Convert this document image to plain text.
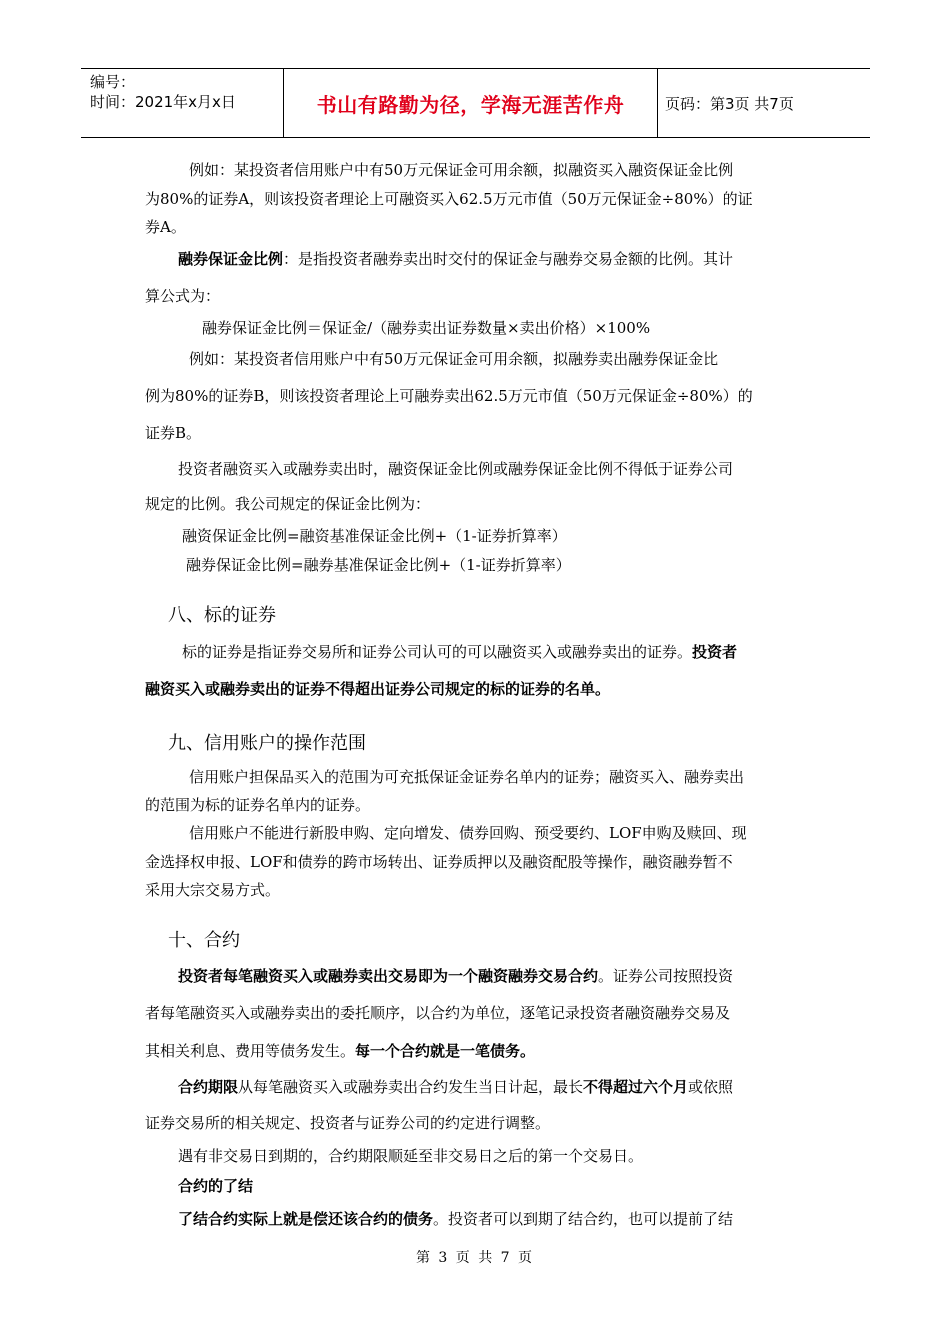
编号：
时间：2021年x月x日	书山有路勤为径，学海无涯苦作舟	页码：第3页 共7页
例如：某投资者信用账户中有50万元保证金可用余额，拟融资买入融资保证金比例
为80%的证券A，则该投资者理论上可融资买入62.5万元市值（50万元保证金÷80%）的证
券A。
融券保证金比例：是指投资者融券卖出时交付的保证金与融券交易金额的比例。其计
算公式为：
融券保证金比例＝保证金/（融券卖出证券数量×卖出价格）×100%
例如：某投资者信用账户中有50万元保证金可用余额，拟融券卖出融券保证金比
例为80%的证券B，则该投资者理论上可融券卖出62.5万元市值（50万元保证金÷80%）的
证券B。
投资者融资买入或融券卖出时，融资保证金比例或融券保证金比例不得低于证券公司
规定的比例。我公司规定的保证金比例为：
融资保证金比例=融资基准保证金比例+（1-证券折算率）
融券保证金比例=融券基准保证金比例+（1-证券折算率）
八、标的证券
标的证券是指证券交易所和证券公司认可的可以融资买入或融券卖出的证券。投资者
融资买入或融券卖出的证券不得超出证券公司规定的标的证券的名单。
九、信用账户的操作范围
信用账户担保品买入的范围为可充抵保证金证券名单内的证券；融资买入、融券卖出
的范围为标的证券名单内的证券。
信用账户不能进行新股申购、定向增发、债券回购、预受要约、LOF申购及赎回、现
金选择权申报、LOF和债券的跨市场转出、证券质押以及融资配股等操作，融资融券暂不
采用大宗交易方式。
十、合约
投资者每笔融资买入或融券卖出交易即为一个融资融券交易合约。证券公司按照投资
者每笔融资买入或融券卖出的委托顺序，以合约为单位，逐笔记录投资者融资融券交易及
其相关利息、费用等债务发生。每一个合约就是一笔债务。
合约期限从每笔融资买入或融券卖出合约发生当日计起，最长不得超过六个月或依照
证券交易所的相关规定、投资者与证券公司的约定进行调整。
遇有非交易日到期的，合约期限顺延至非交易日之后的第一个交易日。
合约的了结
了结合约实际上就是偿还该合约的债务。投资者可以到期了结合约，也可以提前了结
第 3 页 共 7 页
